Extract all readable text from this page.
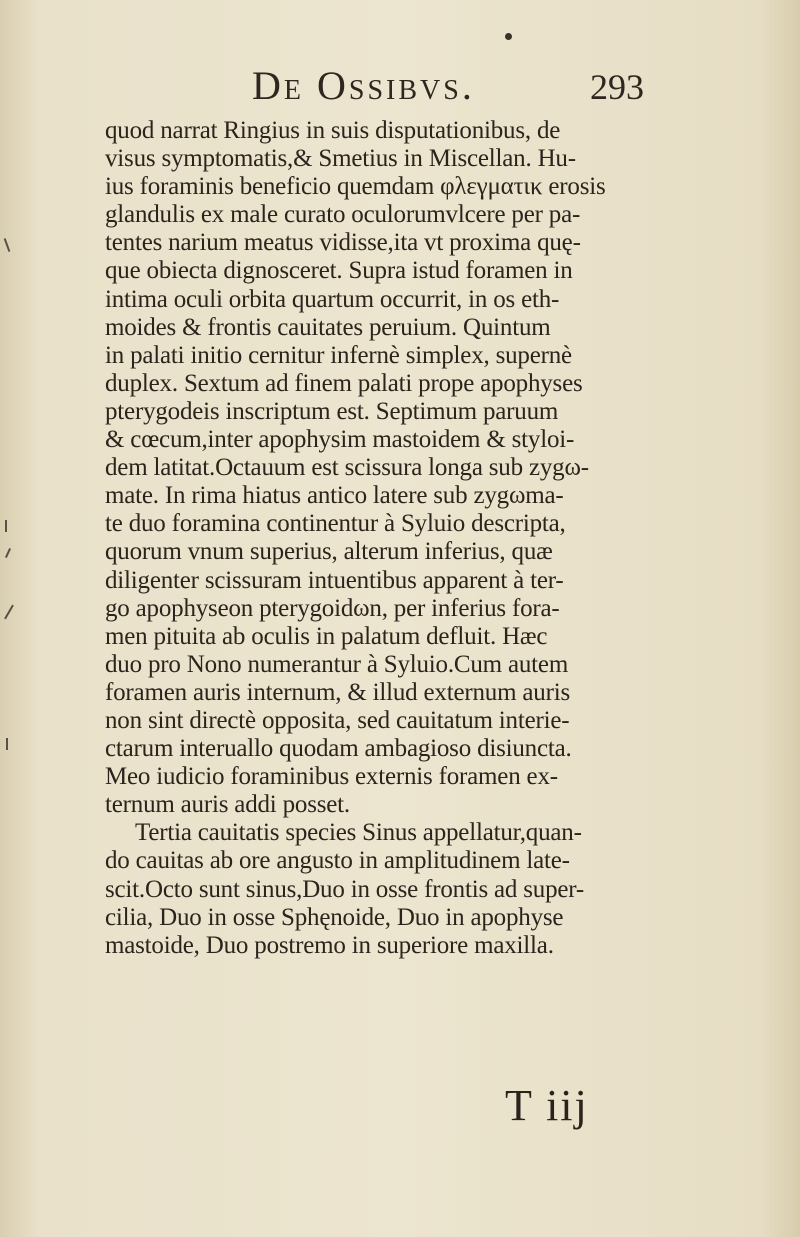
De Ossibvs.	293
quod narrat Ringius in suis disputationibus, de
visus symptomatis,& Smetius in Miscellan. Hu-
ius foraminis beneficio quemdam φλεγματικ erosis
glandulis ex male curato oculorumvlcere per pa-
tentes narium meatus vidisse,ita vt proxima quę-
que obiecta dignosceret. Supra istud foramen in
intima oculi orbita quartum occurrit, in os eth-
moides & frontis cauitates peruium. Quintum
in palati initio cernitur infernè simplex, supernè
duplex. Sextum ad finem palati prope apophyses
pterygodeis inscriptum est. Septimum paruum
& cœcum,inter apophysim mastoidem & styloi-
dem latitat.Octauum est scissura longa sub zygω-
mate. In rima hiatus antico latere sub zygωma-
te duo foramina continentur à Syluio descripta,
quorum vnum superius, alterum inferius, quæ
diligenter scissuram intuentibus apparent à ter-
go apophyseon pterygoidωn, per inferius fora-
men pituita ab oculis in palatum defluit. Hæc
duo pro Nono numerantur à Syluio.Cum autem
foramen auris internum, & illud externum auris
non sint directè opposita, sed cauitatum interie-
ctarum interuallo quodam ambagioso disiuncta.
Meo iudicio foraminibus externis foramen ex-
ternum auris addi posset.
Tertia cauitatis species Sinus appellatur,quan-
do cauitas ab ore angusto in amplitudinem late-
scit.Octo sunt sinus,Duo in osse frontis ad super-
cilia, Duo in osse Sphęnoide, Duo in apophyse
mastoide, Duo postremo in superiore maxilla.
T iij
